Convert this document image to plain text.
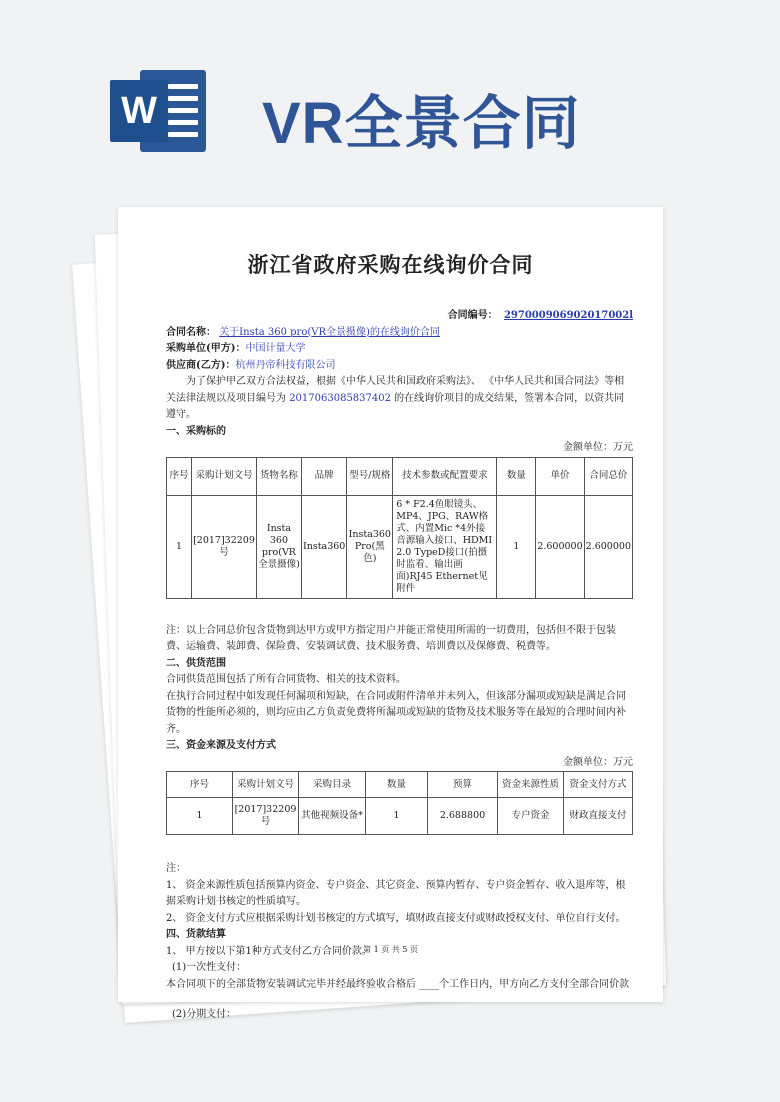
W VR全景合同
浙江省政府采购在线询价合同
合同编号： 297000906902017002l
合同名称： 关于Insta 360 pro(VR全景摄像)的在线询价合同
采购单位(甲方)：中国计量大学
供应商(乙方)：杭州丹帝科技有限公司
为了保护甲乙双方合法权益，根据《中华人民共和国政府采购法》、 《中华人民共和国合同法》等相关法律法规以及项目编号为 2017063085837402 的在线询价项目的成交结果，签署本合同，以资共同遵守。
一、采购标的
金额单位：万元
序号	采购计划文号	货物名称	品牌	型号/规格	技术参数或配置要求	数量	单价	合同总价
1	[2017]32209号	Insta 360 pro(VR全景摄像)	Insta360	Insta360 Pro(黑色)	6 * F2.4鱼眼镜头、MP4、JPG、RAW格式、内置Mic *4外接音源输入接口、HDMI 2.0 TypeD接口(拍摄时监看、输出画面)RJ45 Ethernet见附件	1	2.600000	2.600000
注：以上合同总价包含货物到达甲方或甲方指定用户并能正常使用所需的一切费用，包括但不限于包装费、运输费、装卸费、保险费、安装调试费、技术服务费、培训费以及保修费、税费等。
二、供货范围
合同供货范围包括了所有合同货物、相关的技术资料。
在执行合同过程中如发现任何漏项和短缺，在合同或附件清单并未列入，但该部分漏项或短缺是满足合同货物的性能所必须的，则均应由乙方负责免费将所漏项或短缺的货物及技术服务等在最短的合理时间内补齐。
三、资金来源及支付方式
金额单位：万元
序号	采购计划文号	采购目录	数量	预算	资金来源性质	资金支付方式
1	[2017]32209号	其他视频设备*	1	2.688800	专户资金	财政直接支付
注：
1、 资金来源性质包括预算内资金、专户资金、其它资金、预算内暂存、专户资金暂存、收入退库等，根据采购计划书核定的性质填写。
2、 资金支付方式应根据采购计划书核定的方式填写，填财政直接支付或财政授权支付、单位自行支付。
四、货款结算
1、 甲方按以下第1种方式支付乙方合同价款。
(1)一次性支付：
本合同项下的全部货物安装调试完毕并经最终验收合格后 ____个工作日内，甲方向乙方支付全部合同价款
(2)分期支付：
第 1 页 共 5 页
